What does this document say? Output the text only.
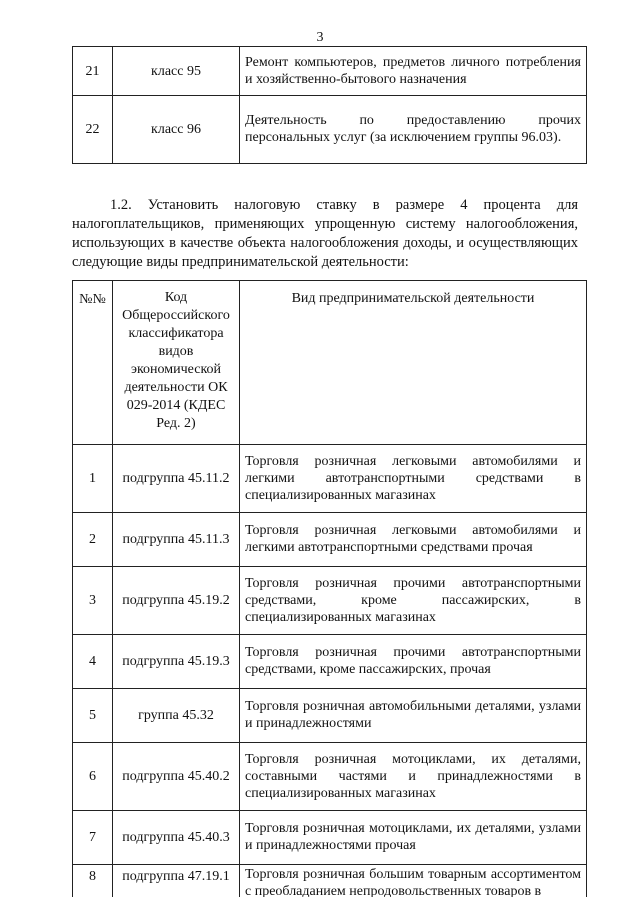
3
21	класс 95	Ремонт компьютеров, предметов личного потребления и хозяйственно-бытового назначения
22	класс 96	Деятельность по предоставлению прочих персональных услуг (за исключением группы 96.03).

1.2. Установить налоговую ставку в размере 4 процента для налогоплательщиков, применяющих упрощенную систему налогообложения, использующих в качестве объекта налогообложения доходы, и осуществляющих следующие виды предпринимательской деятельности:

№№	Код Общероссийского классификатора видов экономической деятельности ОК 029-2014 (КДЕС Ред. 2)	Вид предпринимательской деятельности
1	подгруппа 45.11.2	Торговля розничная легковыми автомобилями и легкими автотранспортными средствами в специализированных магазинах
2	подгруппа 45.11.3	Торговля розничная легковыми автомобилями и легкими автотранспортными средствами прочая
3	подгруппа 45.19.2	Торговля розничная прочими автотранспортными средствами, кроме пассажирских, в специализированных магазинах
4	подгруппа 45.19.3	Торговля розничная прочими автотранспортными средствами, кроме пассажирских, прочая
5	группа 45.32	Торговля розничная автомобильными деталями, узлами и принадлежностями
6	подгруппа 45.40.2	Торговля розничная мотоциклами, их деталями, составными частями и принадлежностями в специализированных магазинах
7	подгруппа 45.40.3	Торговля розничная мотоциклами, их деталями, узлами и принадлежностями прочая
8	подгруппа 47.19.1	Торговля розничная большим товарным ассортиментом с преобладанием непродовольственных товаров в
